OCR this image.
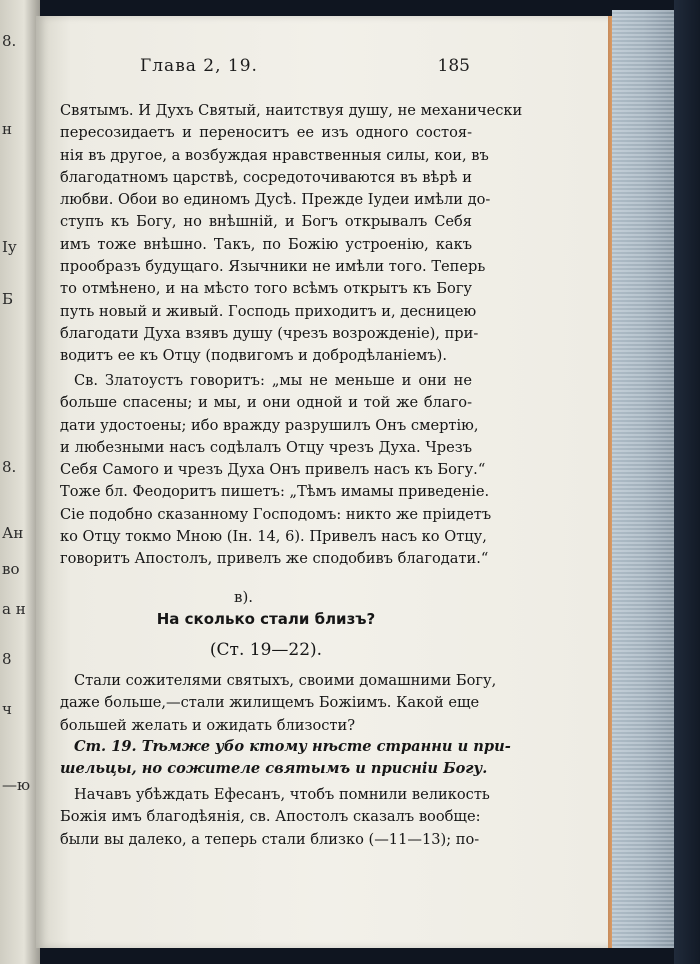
8.
н
Іу
Б
8.
Ан
во
а н
8
ч
—ю
Глава 2, 19.	185
Святымъ. И Духъ Святый, наитствуя душу, не механически
пересозидаетъ и переноситъ ее изъ одного состоя-
нія въ другое, а возбуждая нравственныя силы, кои, въ
благодатномъ царствѣ, сосредоточиваются въ вѣрѣ и
любви. Обои во единомъ Дусѣ. Прежде Іудеи имѣли до-
ступъ къ Богу, но внѣшній, и Богъ открывалъ Себя
имъ тоже внѣшно. Такъ, по Божію устроенію, какъ
прообразъ будущаго. Язычники не имѣли того. Теперь
то отмѣнено, и на мѣсто того всѣмъ открытъ къ Богу
путь новый и живый. Господь приходитъ и, десницею
благодати Духа взявъ душу (чрезъ возрожденіе), при-
водитъ ее къ Отцу (подвигомъ и добродѣланіемъ).
Св. Златоустъ говоритъ: „мы не меньше и они не
больше спасены; и мы, и они одной и той же благо-
дати удостоены; ибо вражду разрушилъ Онъ смертію,
и любезными насъ содѣлалъ Отцу чрезъ Духа. Чрезъ
Себя Самого и чрезъ Духа Онъ привелъ насъ къ Богу.“
Тоже бл. Феодоритъ пишетъ: „Тѣмъ имамы приведеніе.
Сіе подобно сказанному Господомъ: никто же пріидетъ
ко Отцу токмо Мною (Ін. 14, 6). Привелъ насъ ко Отцу,
говоритъ Апостолъ, привелъ же сподобивъ благодати.“
в).
На сколько стали близъ?
(Ст. 19—22).
Стали сожителями святыхъ, своими домашними Богу,
даже больше,—стали жилищемъ Божіимъ. Какой еще
большей желать и ожидать близости?
Ст. 19. Тѣмже убо ктому нѣсте странни и при-
шельцы, но сожителе святымъ и присніи Богу.
Начавъ убѣждать Ефесанъ, чтобъ помнили великость
Божія имъ благодѣянія, св. Апостолъ сказалъ вообще:
были вы далеко, а теперь стали близко (—11—13); по-
